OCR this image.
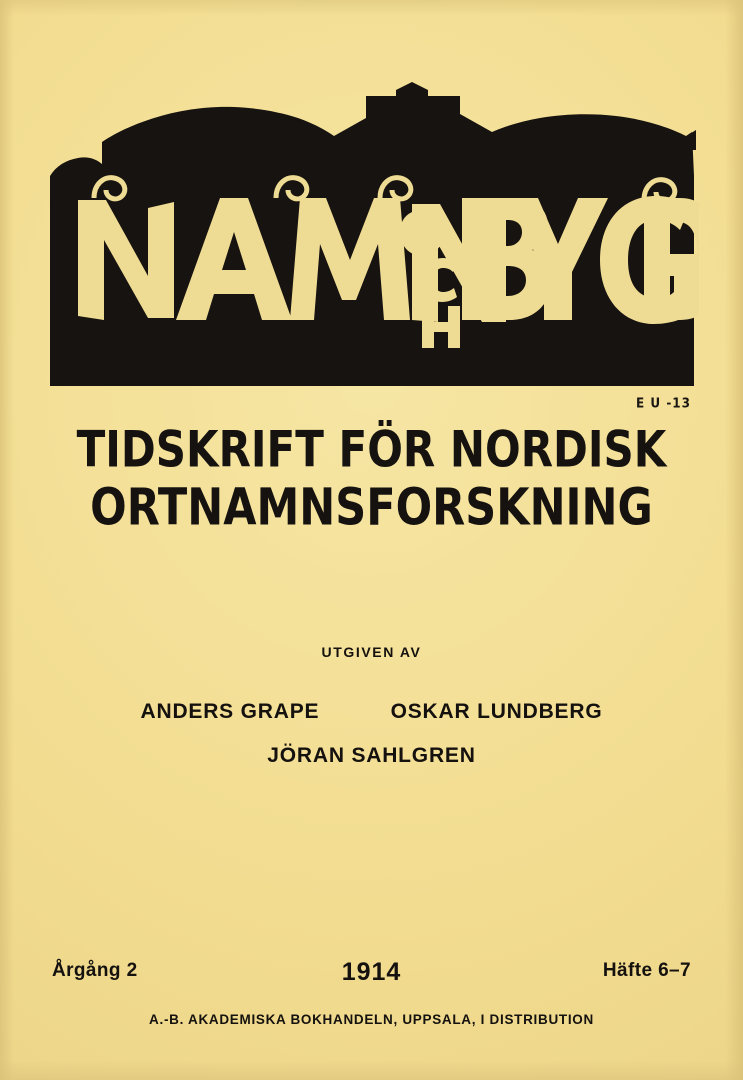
E U -13
TIDSKRIFT FÖR NORDISK
ORTNAMNSFORSKNING
UTGIVEN AV
ANDERS GRAPE	OSKAR LUNDBERG
JÖRAN SAHLGREN
Årgång 2	1914	Häfte 6–7
A.-B. AKADEMISKA BOKHANDELN, UPPSALA, I DISTRIBUTION
